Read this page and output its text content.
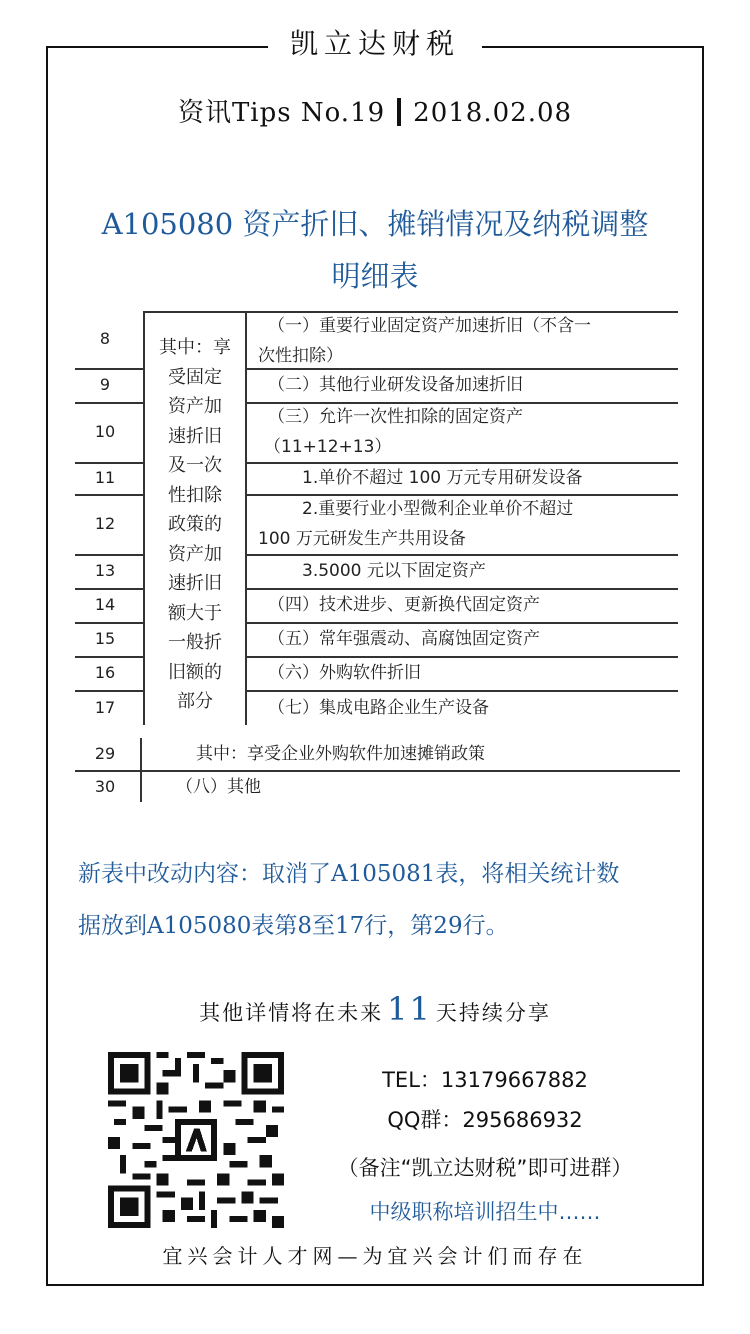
凯立达财税
资讯Tips No.19 2018.02.08
A105080 资产折旧、摊销情况及纳税调整
明细表
8
9
10
11
12
13
14
15
16
17
29
30
其中：享
受固定
资产加
速折旧
及一次
性扣除
政策的
资产加
速折旧
额大于
一般折
旧额的
部分
（一）重要行业固定资产加速折旧（不含一
次性扣除）
（二）其他行业研发设备加速折旧
（三）允许一次性扣除的固定资产
（11+12+13）
1.单价不超过 100 万元专用研发设备
2.重要行业小型微利企业单价不超过
100 万元研发生产共用设备
3.5000 元以下固定资产
（四）技术进步、更新换代固定资产
（五）常年强震动、高腐蚀固定资产
（六）外购软件折旧
（七）集成电路企业生产设备
其中：享受企业外购软件加速摊销政策
（八）其他
新表中改动内容：取消了A105081表，将相关统计数
据放到A105080表第8至17行，第29行。
其他详情将在未来 11 天持续分享
TEL：13179667882
QQ群：295686932
（备注“凯立达财税”即可进群）
中级职称培训招生中……
宜兴会计人才网—为宜兴会计们而存在
